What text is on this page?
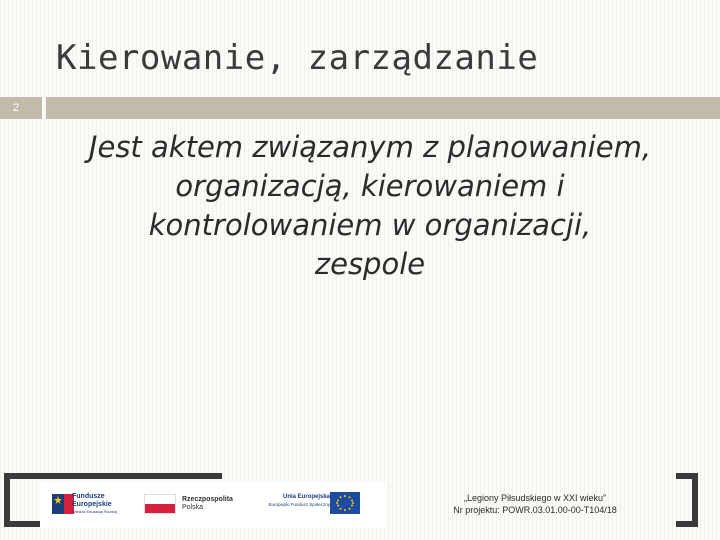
Kierowanie, zarządzanie
2
Jest aktem związanym z planowaniem,
organizacją, kierowaniem i
kontrolowaniem w organizacji,
zespole
Fundusze Europejskie
Wiedza Edukacja Rozwój
Rzeczpospolita
Polska
Unia Europejska
Europejski Fundusz Społeczny
„Legiony Piłsudskiego w XXI wieku”
Nr projektu: POWR.03.01.00-00-T104/18
